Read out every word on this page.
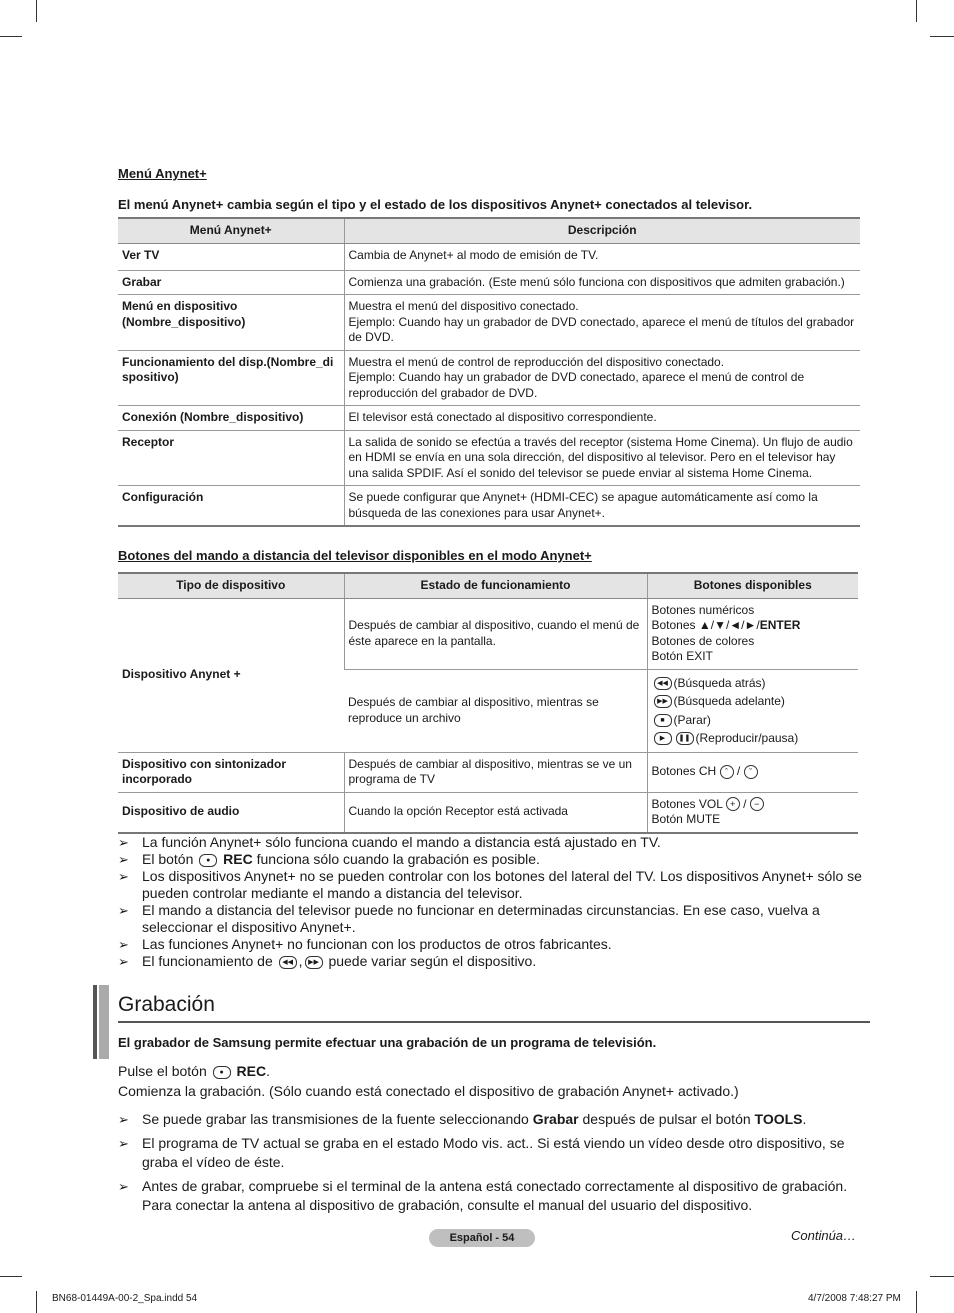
Menú Anynet+
El menú Anynet+ cambia según el tipo y el estado de los dispositivos Anynet+ conectados al televisor.
Menú Anynet+	Descripción
Ver TV	Cambia de Anynet+ al modo de emisión de TV.
Grabar	Comienza una grabación. (Este menú sólo funciona con dispositivos que admiten grabación.)
Menú en dispositivo (Nombre_dispositivo)	Muestra el menú del dispositivo conectado.
Ejemplo: Cuando hay un grabador de DVD conectado, aparece el menú de títulos del grabador de DVD.
Funcionamiento del disp.(Nombre_dispositivo)	Muestra el menú de control de reproducción del dispositivo conectado.
Ejemplo: Cuando hay un grabador de DVD conectado, aparece el menú de control de reproducción del grabador de DVD.
Conexión (Nombre_dispositivo)	El televisor está conectado al dispositivo correspondiente.
Receptor	La salida de sonido se efectúa a través del receptor (sistema Home Cinema). Un flujo de audio en HDMI se envía en una sola dirección, del dispositivo al televisor. Pero en el televisor hay una salida SPDIF. Así el sonido del televisor se puede enviar al sistema Home Cinema.
Configuración	Se puede configurar que Anynet+ (HDMI-CEC) se apague automáticamente así como la búsqueda de las conexiones para usar Anynet+.
Botones del mando a distancia del televisor disponibles en el modo Anynet+
Tipo de dispositivo	Estado de funcionamiento	Botones disponibles
Dispositivo Anynet +	Después de cambiar al dispositivo, cuando el menú de éste aparece en la pantalla.	Botones numéricos
Botones ▲/▼/◄/►/ENTER
Botones de colores
Botón EXIT

	Después de cambiar al dispositivo, mientras se reproduce un archivo	◀◀ (Búsqueda atrás)
▶▶ (Búsqueda adelante)
■ (Parar)
▶ ❚❚ (Reproducir/pausa)

Dispositivo con sintonizador incorporado	Después de cambiar al dispositivo, mientras se ve un programa de TV	Botones CH ˆ / ˇ
Dispositivo de audio	Cuando la opción Receptor está activada	Botones VOL + / −
Botón MUTE
➢ La función Anynet+ sólo funciona cuando el mando a distancia está ajustado en TV.
➢ El botón ● REC funciona sólo cuando la grabación es posible.
➢ Los dispositivos Anynet+ no se pueden controlar con los botones del lateral del TV. Los dispositivos Anynet+ sólo se pueden controlar mediante el mando a distancia del televisor.
➢ El mando a distancia del televisor puede no funcionar en determinadas circunstancias. En ese caso, vuelva a seleccionar el dispositivo Anynet+.
➢ Las funciones Anynet+ no funcionan con los productos de otros fabricantes.
➢ El funcionamiento de ◀◀ , ▶▶ puede variar según el dispositivo.
Grabación
El grabador de Samsung permite efectuar una grabación de un programa de televisión.
Pulse el botón ● REC.
Comienza la grabación. (Sólo cuando está conectado el dispositivo de grabación Anynet+ activado.)
➢ Se puede grabar las transmisiones de la fuente seleccionando Grabar después de pulsar el botón TOOLS.
➢ El programa de TV actual se graba en el estado Modo vis. act.. Si está viendo un vídeo desde otro dispositivo, se graba el vídeo de éste.
➢ Antes de grabar, compruebe si el terminal de la antena está conectado correctamente al dispositivo de grabación. Para conectar la antena al dispositivo de grabación, consulte el manual del usuario del dispositivo.
Continúa…
Español - 54
BN68-01449A-00-2_Spa.indd 54	4/7/2008 7:48:27 PM
